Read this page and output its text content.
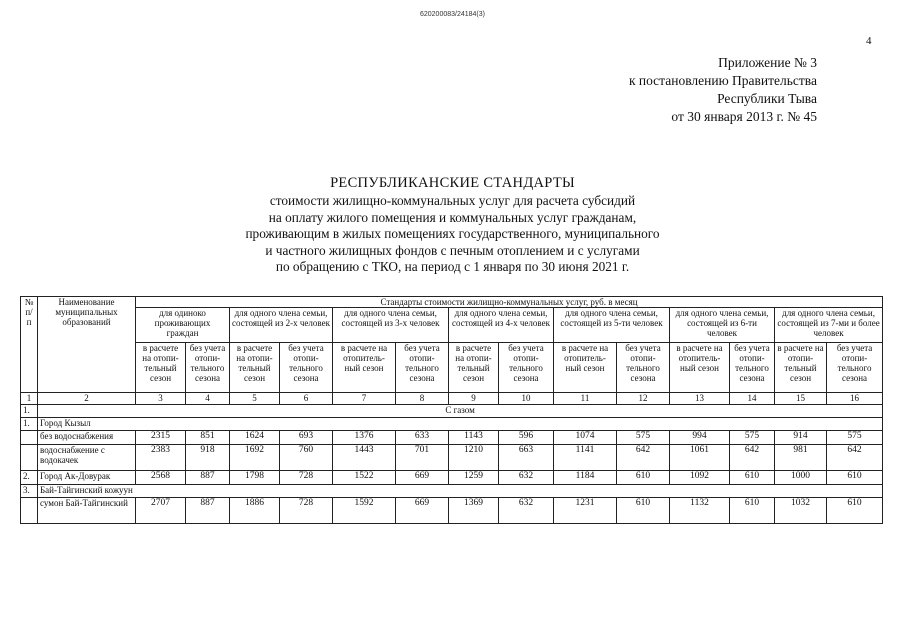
620200083/24184(3)
4
Приложение № 3
к постановлению Правительства
Республики Тыва
от 30 января 2013 г. № 45
РЕСПУБЛИКАНСКИЕ СТАНДАРТЫ
стоимости жилищно-коммунальных услуг для расчета субсидий
на оплату жилого помещения и коммунальных услуг гражданам,
проживающим в жилых помещениях государственного, муниципального
и частного жилищных фондов с печным отоплением и с услугами
по обращению с ТКО, на период с 1 января по 30 июня 2021 г.
№ п/п	Наименование муниципальных образований	Стандарты стоимости жилищно-коммунальных услуг, руб. в месяц													
		для одиноко проживающих граждан		для одного члена семьи, состоящей из 2-х человек		для одного члена семьи, состоящей из 3-х человек		для одного члена семьи, состоящей из 4-х человек		для одного члена семьи, состоящей из 5-ти человек		для одного члена семьи, состоящей из 6-ти человек		для одного члена семьи, состоящей из 7-ми и более человек	
		в расчете на отопи- тельный сезон	без учета отопи- тельного сезона	в расчете на отопи- тельный сезон	без учета отопи- тельного сезона	в расчете на отопитель- ный сезон	без учета отопи- тельного сезона	в расчете на отопи- тельный сезон	без учета отопи- тельного сезона	в расчете на отопитель- ный сезон	без учета отопи- тельного сезона	в расчете на отопитель- ный сезон	без учета отопи- тельного сезона	в расчете на отопи- тельный сезон	без учета отопи- тельного сезона
1	2	3	4	5	6	7	8	9	10	11	12	13	14	15	16
1.	С газом														
1.	Город Кызыл														
	без водоснабжения	2315	851	1624	693	1376	633	1143	596	1074	575	994	575	914	575
	водоснабжение с водокачек	2383	918	1692	760	1443	701	1210	663	1141	642	1061	642	981	642
2.	Город Ак-Довурак	2568	887	1798	728	1522	669	1259	632	1184	610	1092	610	1000	610
3.	Бай-Тайгинский кожуун														
	сумон Бай-Тайгинский	2707	887	1886	728	1592	669	1369	632	1231	610	1132	610	1032	610
